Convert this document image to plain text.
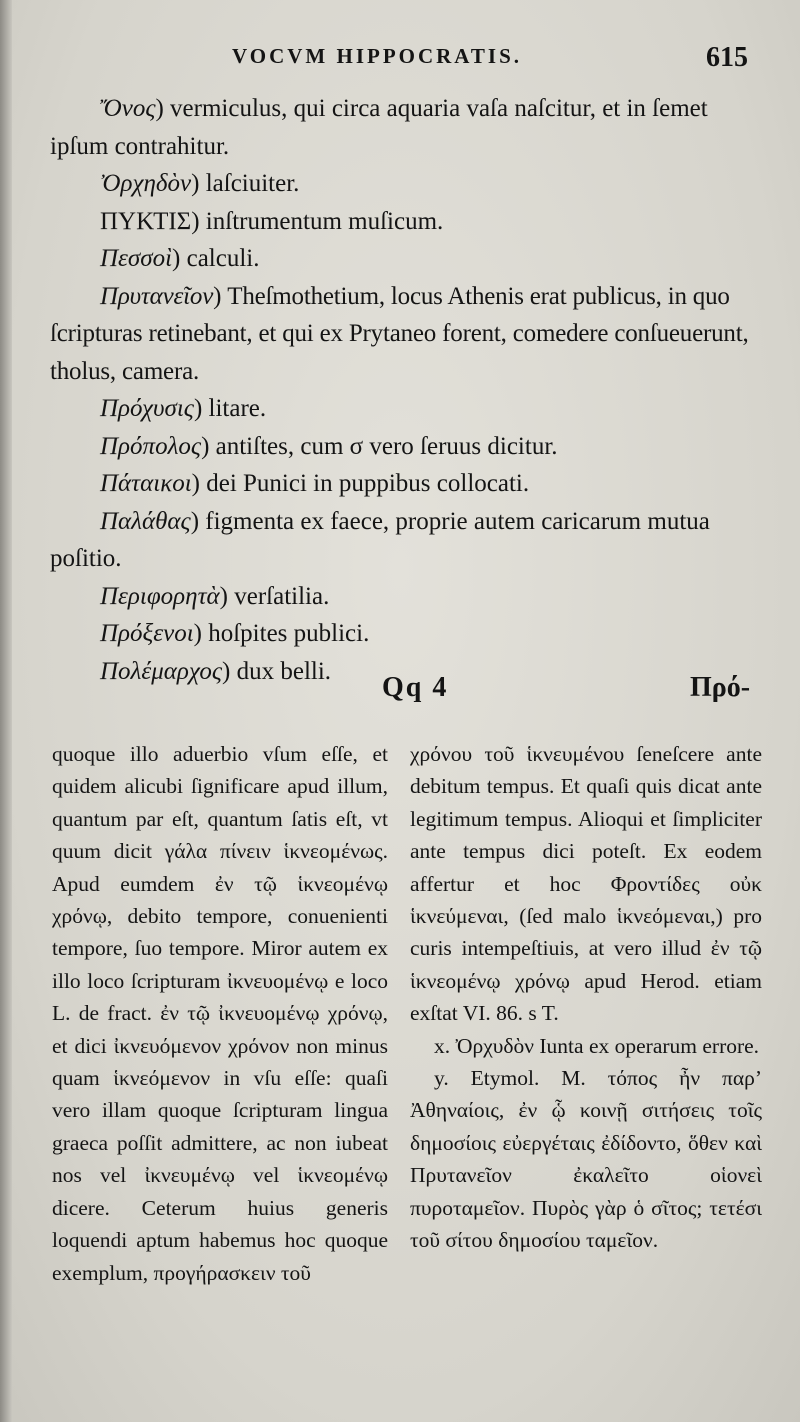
VOCVM HIPPOCRATIS.	615

Ὄνος) vermiculus, qui circa aquaria vaſa naſcitur, et in ſemet ipſum contrahitur.

Ὀρχηδὸν) laſciuiter.

ΠΥΚΤΙΣ) inſtrumentum muſicum.

Πεσσοὶ) calculi.

Πρυτανεῖον) Theſmothetium, locus Athenis erat publicus, in quo ſcripturas retinebant, et qui ex Prytaneo forent, comedere conſueuerunt, tholus, camera.

Πρόχυσις) litare.

Πρόπολος) antiſtes, cum σ vero ſeruus dicitur.

Πάταικοι) dei Punici in puppibus collocati.

Παλάθας) figmenta ex faece, proprie autem caricarum mutua poſitio.

Περιφορητὰ) verſatilia.

Πρόξενοι) hoſpites publici.

Πολέμαρχος) dux belli.

Qq 4	Πρό-

quoque illo aduerbio vſum eſſe, et quidem alicubi ſignificare apud illum, quantum par eſt, quantum ſatis eſt, vt quum dicit γάλα πίνειν ἱκνεομένως. Apud eumdem ἐν τῷ ἱκνεομένῳ χρόνῳ, debito tempore, conuenienti tempore, ſuo tempore. Miror autem ex illo loco ſcripturam ἰκνευομένῳ e loco L. de fract. ἐν τῷ ἰκνευομένῳ χρόνῳ, et dici ἰκνευόμενον χρόνον non minus quam ἱκνεόμενον in vſu eſſe: quaſi vero illam quoque ſcripturam lingua graeca poſſit admittere, ac non iubeat nos vel ἰκνευμένῳ vel ἱκνεομένῳ dicere. Ceterum huius generis loquendi aptum habemus hoc quoque exemplum, προγήρασκειν τοῦ

χρόνου τοῦ ἱκνευμένου ſeneſcere ante debitum tempus. Et quaſi quis dicat ante legitimum tempus. Alioqui et ſimpliciter ante tempus dici poteſt. Ex eodem affertur et hoc Φροντίδες οὐκ ἱκνεύμεναι, (ſed malo ἱκνεόμεναι,) pro curis intempeſtiuis, at vero illud ἐν τῷ ἱκνεομένῳ χρόνῳ apud Herod. etiam exſtat VI. 86. s T.

x. Ὀρχυδὸν Iunta ex operarum errore.

y. Etymol. M. τόπος ἦν παρ’ Ἀθηναίοις, ἐν ᾧ κοινῇ σιτήσεις τοῖς δημοσίοις εὐεργέταις ἐδίδοντο, ὅθεν καὶ Πρυτανεῖον ἐκαλεῖτο οἱονεὶ πυροταμεῖον. Πυρὸς γὰρ ὁ σῖτος; τετέσι τοῦ σίτου δημοσίου ταμεῖον.
